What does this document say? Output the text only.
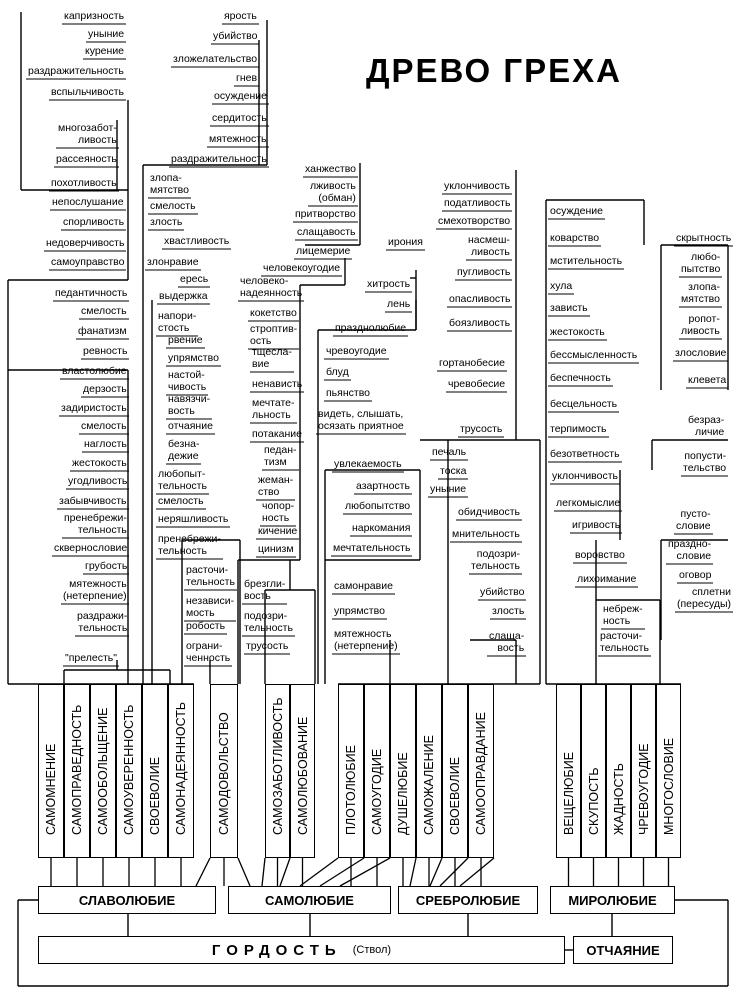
ДРЕВО ГРЕХА
капризность
уныние
курение
раздражительность
вспыльчивость
многозабот-
ливость
рассеяность
похотливость
непослушание
спорливость
недоверчивость
самоуправство
педантичность
смелость
фанатизм
ревность
властолюбие
дерзость
задиристость
смелость
наглость
жестокость
угодливость
забывчивость
пренебрежи-
тельность
сквернословие
грубость
мятежность
(нетерпение)
раздражи-
тельность
"прелесть"
ярость
убийство
зложелательство
гнев
осуждение
сердитость
мятежность
раздражительность
злопа-
мятство
смелость
злость
хвастливость
злонравие
ересь
выдержка
напори-
стость
рвение
упрямство
настой-
чивость
навязчи-
вость
отчаяние
безна-
дежие
любопыт-
тельность
смелость
неряшливость
пренебрежи-
тельность
расточи-
тельность
независи-
мость
робость
ограни-
ченность
ханжество
лживость
(обман)
притворство
слащавость
лицемерие
человекоугодие
человеко-
надеянность
кокетство
строптив-
ость
тщесла-
вие
ненависть
мечтате-
льность
потакание
педан-
тизм
жеман-
ство
чопор-
ность
кичение
цинизм
брезгли-
вость
подозри-
тельность
трусость
хитрость
лень
празднолюбие
чревоугодие
блуд
пьянство
видеть, слышать,
осязать приятное
увлекаемость
азартность
любопытство
наркомания
мечтательность
самонравие
упрямство
мятежность
(нетерпение)
уклончивость
податливость
смехотворство
ирония	насмеш-
ливость
пугливость
опасливость
боязливость
гортанобесие
чревобесие
трусость
печаль
тоска
уныние
обидчивость
мнительность
подозри-
тельность
убийство
злость
слаща-
вость
осуждение
коварство
мстительность
хула
зависть
жестокость
бессмысленность
беспечность
бесцельность
терпимость
безответность
уклончивость
легкомыслие
игривость
скрытность
любо-
пытство
злопа-
мятство
ропот-
ливость
злословие
клевета
безраз-
личие
попусти-
тельство
пусто-
словие
праздно-
словие
оговор
сплетни
(пересуды)
воровство
лихоимание
небреж-
ность
расточи-
тельность
САМОМНЕНИЕ САМОПРАВЕДНОСТЬ САМООБОЛЬЩЕНИЕ САМОУВЕРЕННОСТЬ СВОЕВОЛИЕ САМОНАДЕЯННОСТЬ САМОДОВОЛЬСТВО	САМОЗАБОТЛИВОСТЬ САМОЛЮБОВАНИЕ	ПЛОТОЛЮБИЕ САМОУГОДИЕ ДУШЕЛЮБИЕ САМОЖАЛЕНИЕ СВОЕВОЛИЕ САМООПРАВДАНИЕ	ВЕЩЕЛЮБИЕ СКУПОСТЬ ЖАДНОСТЬ ЧРЕВОУГОДИЕ МНОГОСЛОВИЕ
СЛАВОЛЮБИЕ	САМОЛЮБИЕ	СРЕБРОЛЮБИЕ	МИРОЛЮБИЕ
ГОРДОСТЬ (Ствол)	ОТЧАЯНИЕ
